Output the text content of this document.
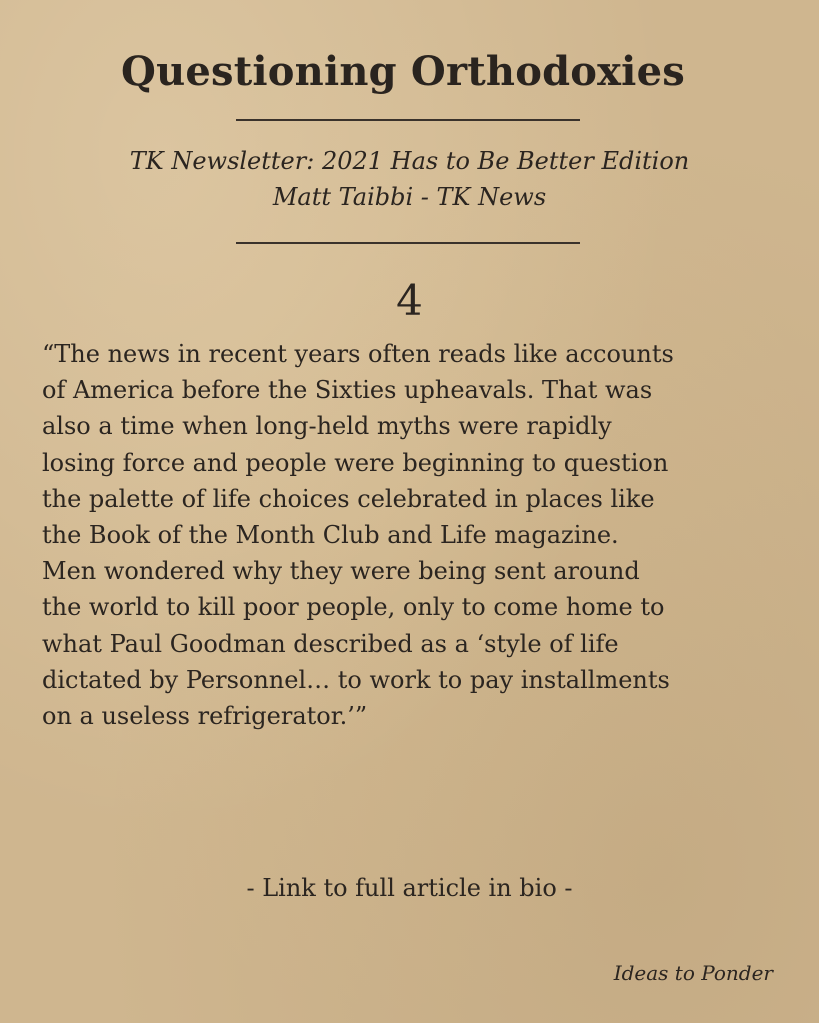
Questioning Orthodoxies
TK Newsletter: 2021 Has to Be Better Edition
Matt Taibbi - TK News
4
“The news in recent years often reads like accounts
of America before the Sixties upheavals. That was
also a time when long-held myths were rapidly
losing force and people were beginning to question
the palette of life choices celebrated in places like
the Book of the Month Club and Life magazine.
Men wondered why they were being sent around
the world to kill poor people, only to come home to
what Paul Goodman described as a ‘style of life
dictated by Personnel… to work to pay installments
on a useless refrigerator.’”
- Link to full article in bio -
Ideas to Ponder
